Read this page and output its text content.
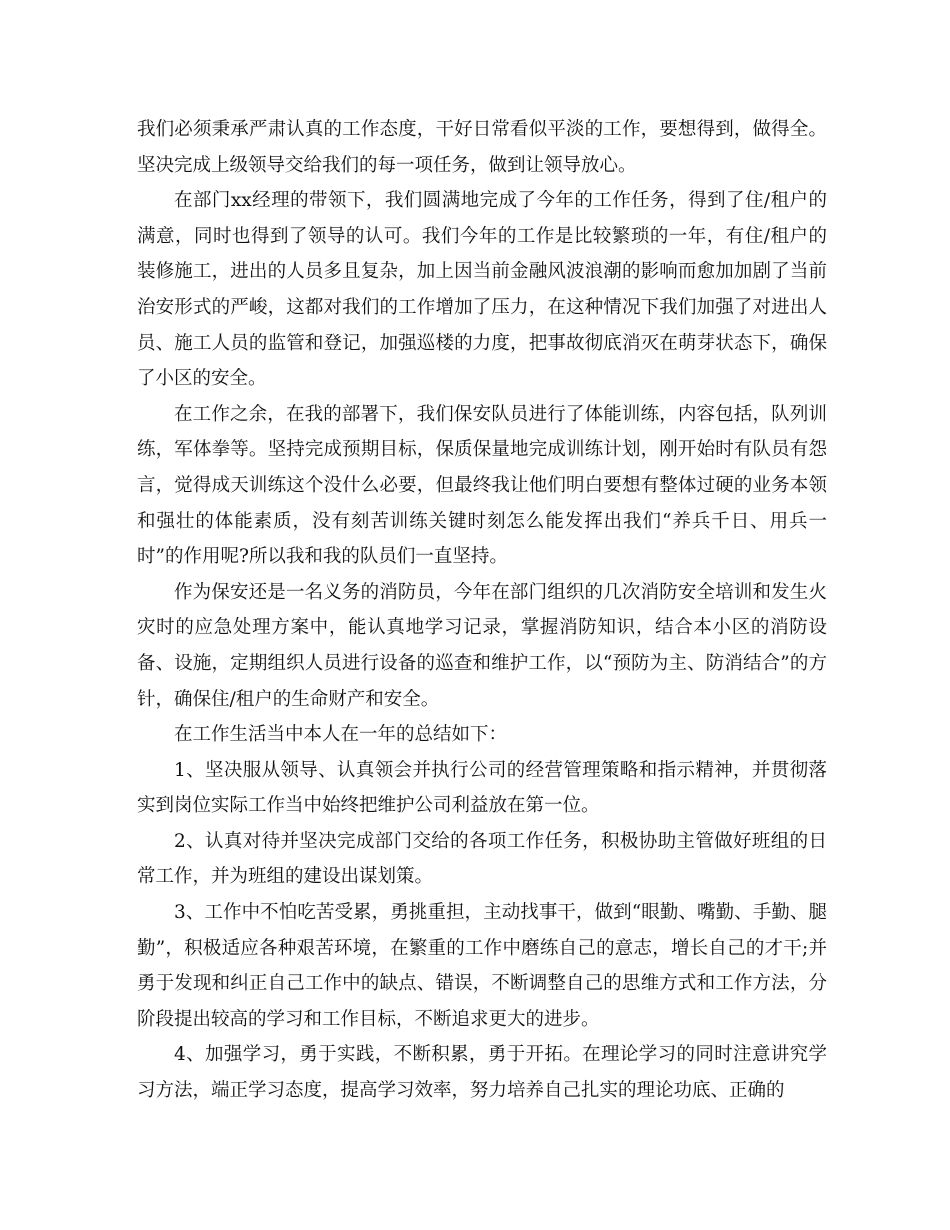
我们必须秉承严肃认真的工作态度，干好日常看似平淡的工作，要想得到，做得全。坚决完成上级领导交给我们的每一项任务，做到让领导放心。

在部门xx经理的带领下，我们圆满地完成了今年的工作任务，得到了住/租户的满意，同时也得到了领导的认可。我们今年的工作是比较繁琐的一年，有住/租户的装修施工，进出的人员多且复杂，加上因当前金融风波浪潮的影响而愈加加剧了当前治安形式的严峻，这都对我们的工作增加了压力，在这种情况下我们加强了对进出人员、施工人员的监管和登记，加强巡楼的力度，把事故彻底消灭在萌芽状态下，确保了小区的安全。

在工作之余，在我的部署下，我们保安队员进行了体能训练，内容包括，队列训练，军体拳等。坚持完成预期目标，保质保量地完成训练计划，刚开始时有队员有怨言，觉得成天训练这个没什么必要，但最终我让他们明白要想有整体过硬的业务本领和强壮的体能素质，没有刻苦训练关键时刻怎么能发挥出我们“养兵千日、用兵一时”的作用呢?所以我和我的队员们一直坚持。

作为保安还是一名义务的消防员，今年在部门组织的几次消防安全培训和发生火灾时的应急处理方案中，能认真地学习记录，掌握消防知识，结合本小区的消防设备、设施，定期组织人员进行设备的巡查和维护工作，以“预防为主、防消结合”的方针，确保住/租户的生命财产和安全。

在工作生活当中本人在一年的总结如下：

1、坚决服从领导、认真领会并执行公司的经营管理策略和指示精神，并贯彻落实到岗位实际工作当中始终把维护公司利益放在第一位。

2、认真对待并坚决完成部门交给的各项工作任务，积极协助主管做好班组的日常工作，并为班组的建设出谋划策。

3、工作中不怕吃苦受累，勇挑重担，主动找事干，做到“眼勤、嘴勤、手勤、腿勤”，积极适应各种艰苦环境，在繁重的工作中磨练自己的意志，增长自己的才干;并勇于发现和纠正自己工作中的缺点、错误，不断调整自己的思维方式和工作方法，分阶段提出较高的学习和工作目标，不断追求更大的进步。

4、加强学习，勇于实践，不断积累，勇于开拓。在理论学习的同时注意讲究学习方法，端正学习态度，提高学习效率，努力培养自己扎实的理论功底、正确的
